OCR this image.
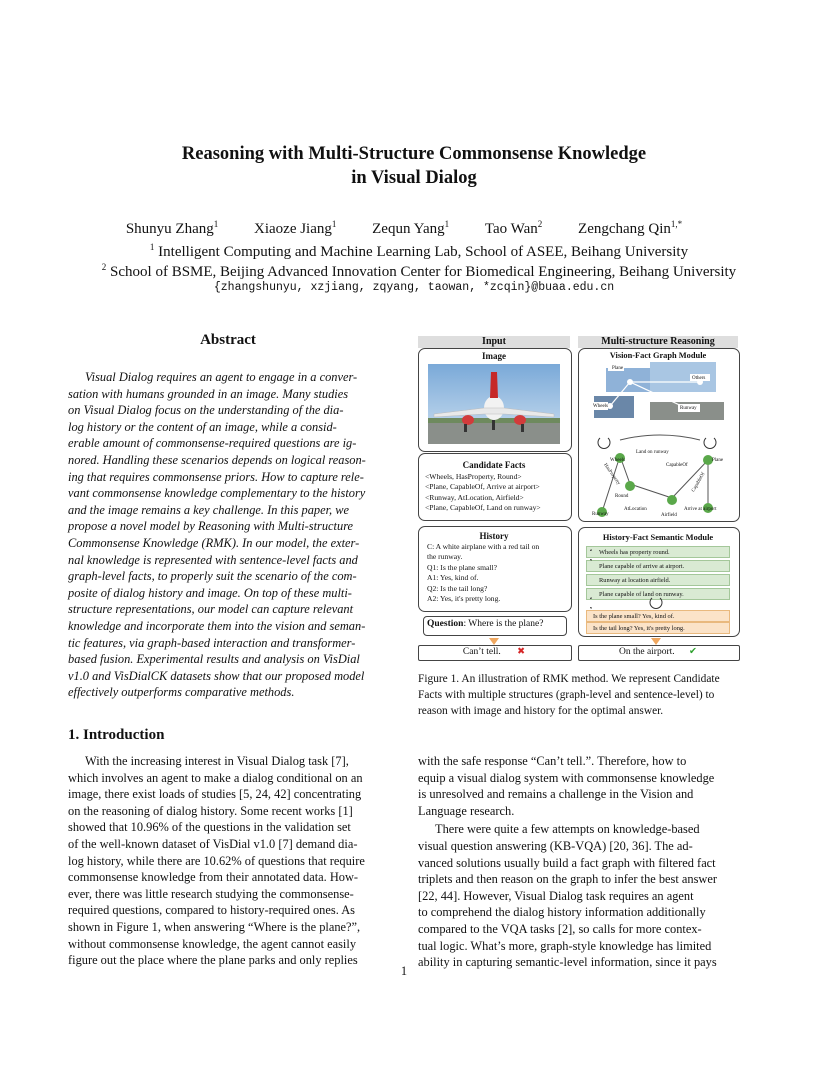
Reasoning with Multi-Structure Commonsense Knowledge
in Visual Dialog
Shunyu Zhang$^1$ Xiaoze Jiang$^1$ Zequn Yang$^1$ Tao Wan$^2$ Zengchang Qin$^{1,*}$
$^1$ Intelligent Computing and Machine Learning Lab, School of ASEE, Beihang University
$^2$ School of BSME, Beijing Advanced Innovation Center for Biomedical Engineering, Beihang University
{zhangshunyu, xzjiang, zqyang, taowan, *zcqin}@buaa.edu.cn
Abstract
Visual Dialog requires an agent to engage in a conver-
sation with humans grounded in an image. Many studies
on Visual Dialog focus on the understanding of the dia-
log history or the content of an image, while a consid-
erable amount of commonsense-required questions are ig-
nored. Handling these scenarios depends on logical reason-
ing that requires commonsense priors. How to capture rele-
vant commonsense knowledge complementary to the history
and the image remains a key challenge. In this paper, we
propose a novel model by Reasoning with Multi-structure
Commonsense Knowledge (RMK). In our model, the exter-
nal knowledge is represented with sentence-level facts and
graph-level facts, to properly suit the scenario of the com-
posite of dialog history and image. On top of these multi-
structure representations, our model can capture relevant
knowledge and incorporate them into the vision and seman-
tic features, via graph-based interaction and transformer-
based fusion. Experimental results and analysis on VisDial
v1.0 and VisDialCK datasets show that our proposed model
effectively outperforms comparative methods.
1. Introduction
With the increasing interest in Visual Dialog task [7],
which involves an agent to make a dialog conditional on an
image, there exist loads of studies [5, 24, 42] concentrating
on the reasoning of dialog history. Some recent works [1]
showed that 10.96% of the questions in the validation set
of the well-known dataset of VisDial v1.0 [7] demand dia-
log history, while there are 10.62% of questions that require
commonsense knowledge from their annotated data. How-
ever, there was little research studying the commonsense-
required questions, compared to history-required ones. As
shown in Figure 1, when answering “Where is the plane?”,
without commonsense knowledge, the agent cannot easily
figure out the place where the plane parks and only replies
with the safe response “Can’t tell.”. Therefore, how to
equip a visual dialog system with commonsense knowledge
is unresolved and remains a challenge in the Vision and
Language research.
There were quite a few attempts on knowledge-based
visual question answering (KB-VQA) [20, 36]. The ad-
vanced solutions usually build a fact graph with filtered fact
triplets and then reason on the graph to infer the best answer
[22, 44]. However, Visual Dialog task requires an agent
to comprehend the dialog history information additionally
compared to the VQA tasks [2], so calls for more contex-
tual logic. What’s more, graph-style knowledge has limited
ability in capturing semantic-level information, since it pays
Input	Multi-structure Reasoning
Image
Candidate Facts
<Wheels, HasProperty, Round>
<Plane, CapableOf, Arrive at airport>
<Runway, AtLocation, Airfield>
<Plane, CapableOf, Land on runway>
History
C: A white airplane with a red tail on
the runway.
Q1: Is the plane small?
A1: Yes, kind of.
Q2: Is the tail long?
A2: Yes, it's pretty long.
Question: Where is the plane?
Can’t tell. ✖	On the airport. ✔
Vision-Fact Graph Module
Plane
Others
Wheels	Runway
Land on runway
Wheels
CapableOf
Plane
HasProperty
Round
CapableOf
Runway
AtLocation
Airfield
Arrive at airport
History-Fact Semantic Module
Wheels has property round.
Plane capable of arrive at airport.
Runway at location airfield.
Plane capable of land on runway.
Is the plane small? Yes, kind of.
Is the tail long? Yes, it's pretty long.
Figure 1. An illustration of RMK method. We represent Candidate
Facts with multiple structures (graph-level and sentence-level) to
reason with image and history for the optimal answer.
1
